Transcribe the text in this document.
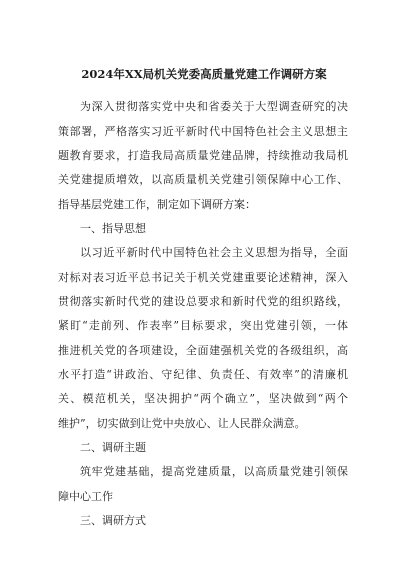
2024年XX局机关党委高质量党建工作调研方案
为深入贯彻落实党中央和省委关于大型调查研究的决
策部署，严格落实习近平新时代中国特色社会主义思想主
题教育要求，打造我局高质量党建品牌，持续推动我局机
关党建提质增效，以高质量机关党建引领保障中心工作、
指导基层党建工作，制定如下调研方案：
一、指导思想
以习近平新时代中国特色社会主义思想为指导，全面
对标对表习近平总书记关于机关党建重要论述精神，深入
贯彻落实新时代党的建设总要求和新时代党的组织路线，
紧盯“走前列、作表率”目标要求，突出党建引领，一体
推进机关党的各项建设，全面建强机关党的各级组织，高
水平打造“讲政治、守纪律、负责任、有效率”的清廉机
关、模范机关，坚决拥护“两个确立”，坚决做到“两个
维护”，切实做到让党中央放心、让人民群众满意。
二、调研主题
筑牢党建基础，提高党建质量，以高质量党建引领保
障中心工作
三、调研方式
